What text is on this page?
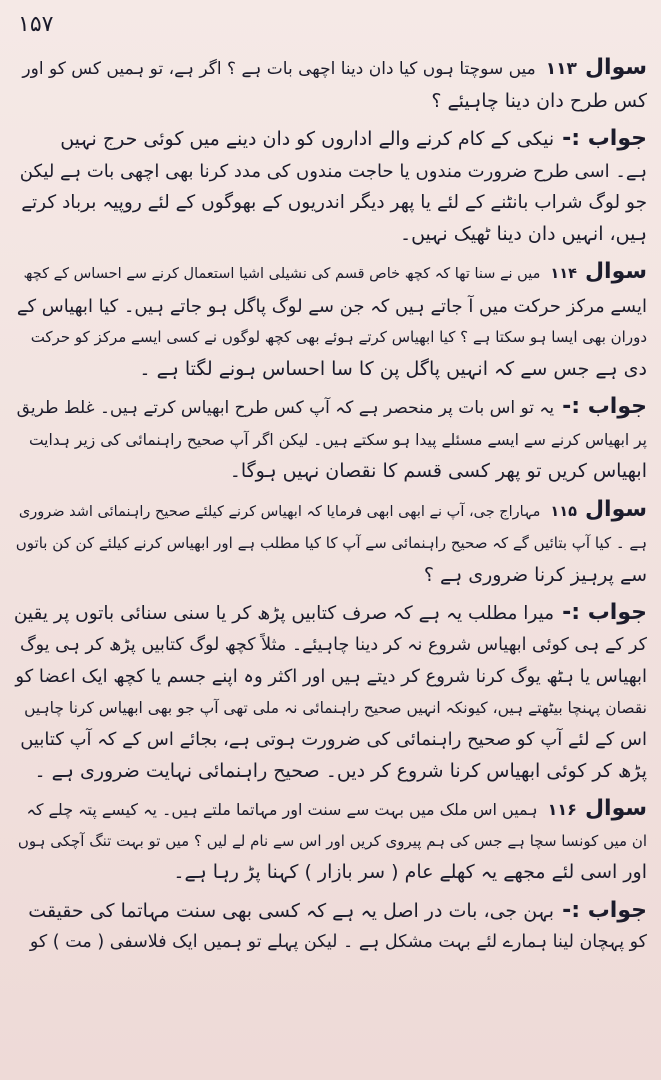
۱۵۷
سوال۱۱۳میں سوچتا ہوں کیا دان دینا اچھی بات ہے ؟ اگر ہے، تو ہمیں کس کو اور
کس طرح دان دینا چاہیئے ؟
جواب :-نیکی کے کام کرنے والے اداروں کو دان دینے میں کوئی حرج نہیں
ہے۔ اسی طرح ضرورت مندوں یا حاجت مندوں کی مدد کرنا بھی اچھی بات ہے لیکن
جو لوگ شراب بانٹنے کے لئے یا پھر دیگر اندریوں کے بھوگوں کے لئے روپیہ برباد کرتے
ہیں، انہیں دان دینا ٹھیک نہیں۔
سوال۱۱۴میں نے سنا تھا کہ کچھ خاص قسم کی نشیلی اشیا استعمال کرنے سے احساس کے کچھ
ایسے مرکز حرکت میں آ جاتے ہیں کہ جن سے لوگ پاگل ہو جاتے ہیں۔ کیا ابھیاس کے
دوران بھی ایسا ہو سکتا ہے ؟ کیا ابھیاس کرتے ہوئے بھی کچھ لوگوں نے کسی ایسے مرکز کو حرکت
دی ہے جس سے کہ انہیں پاگل پن کا سا احساس ہونے لگتا ہے ۔
جواب :-یہ تو اس بات پر منحصر ہے کہ آپ کس طرح ابھیاس کرتے ہیں۔ غلط طریق
پر ابھیاس کرنے سے ایسے مسئلے پیدا ہو سکتے ہیں۔ لیکن اگر آپ صحیح راہنمائی کی زیر ہدایت
ابھیاس کریں تو پھر کسی قسم کا نقصان نہیں ہوگا۔
سوال۱۱۵مہاراج جی، آپ نے ابھی ابھی فرمایا کہ ابھیاس کرنے کیلئے صحیح راہنمائی اشد ضروری
ہے ۔ کیا آپ بتائیں گے کہ صحیح راہنمائی سے آپ کا کیا مطلب ہے اور ابھیاس کرنے کیلئے کن کن باتوں
سے پرہیز کرنا ضروری ہے ؟
جواب :-میرا مطلب یہ ہے کہ صرف کتابیں پڑھ کر یا سنی سنائی باتوں پر یقین
کر کے ہی کوئی ابھیاس شروع نہ کر دینا چاہیئے۔ مثلاً کچھ لوگ کتابیں پڑھ کر ہی یوگ
ابھیاس یا ہٹھ یوگ کرنا شروع کر دیتے ہیں اور اکثر وہ اپنے جسم یا کچھ ایک اعضا کو
نقصان پہنچا بیٹھتے ہیں، کیونکہ انہیں صحیح راہنمائی نہ ملی تھی آپ جو بھی ابھیاس کرنا چاہیں
اس کے لئے آپ کو صحیح راہنمائی کی ضرورت ہوتی ہے، بجائے اس کے کہ آپ کتابیں
پڑھ کر کوئی ابھیاس کرنا شروع کر دیں۔ صحیح راہنمائی نہایت ضروری ہے ۔
سوال۱۱۶ہمیں اس ملک میں بہت سے سنت اور مہاتما ملتے ہیں۔ یہ کیسے پتہ چلے کہ
ان میں کونسا سچا ہے جس کی ہم پیروی کریں اور اس سے نام لے لیں ؟ میں تو بہت تنگ آچکی ہوں
اور اسی لئے مجھے یہ کھلے عام ( سر بازار ) کہنا پڑ رہا ہے۔
جواب :-بہن جی، بات در اصل یہ ہے کہ کسی بھی سنت مہاتما کی حقیقت
کو پہچان لینا ہمارے لئے بہت مشکل ہے ۔ لیکن پہلے تو ہمیں ایک فلاسفی ( مت ) کو
